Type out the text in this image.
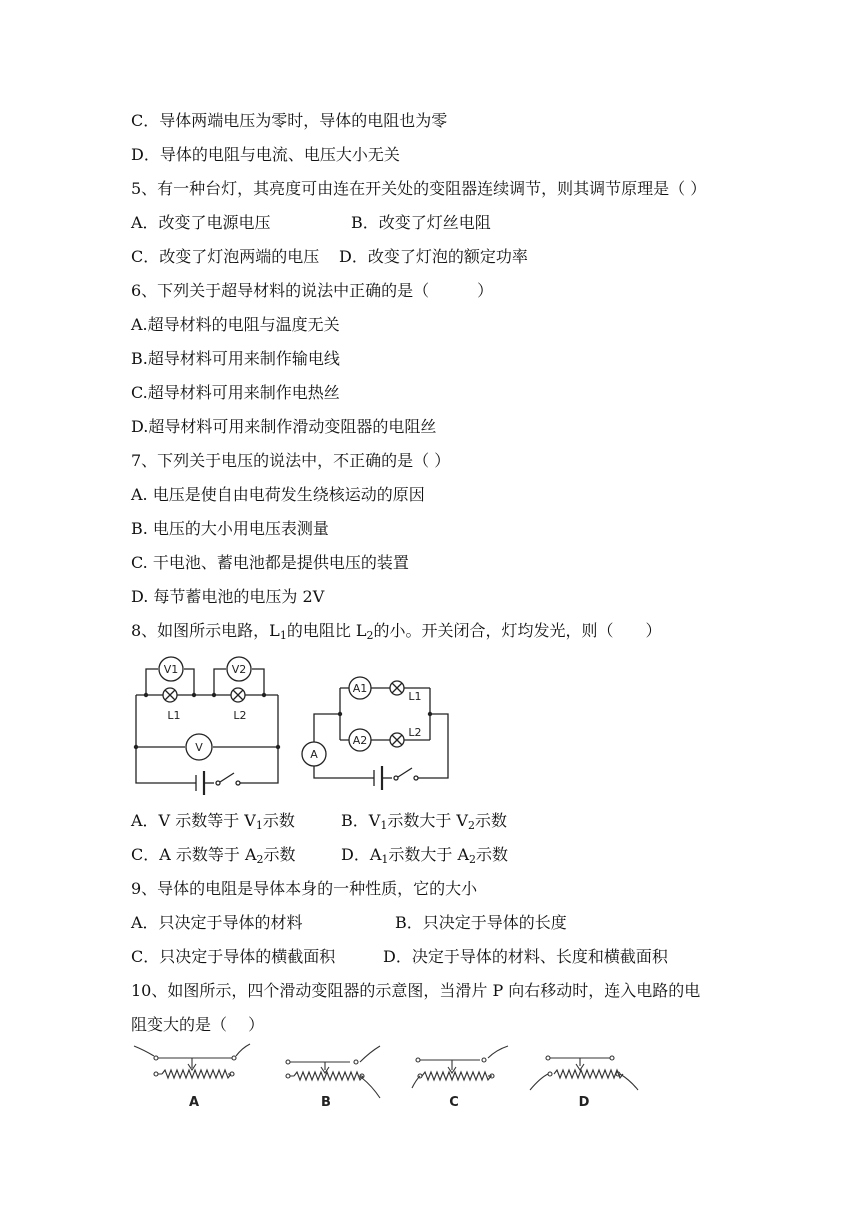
C．导体两端电压为零时，导体的电阻也为零
D．导体的电阻与电流、电压大小无关
5、有一种台灯，其亮度可由连在开关处的变阻器连续调节，则其调节原理是（ ）
A．改变了电源电压	B．改变了灯丝电阻
C．改变了灯泡两端的电压 D．改变了灯泡的额定功率
6、下列关于超导材料的说法中正确的是（　　　）
A.超导材料的电阻与温度无关
B.超导材料可用来制作输电线
C.超导材料可用来制作电热丝
D.超导材料可用来制作滑动变阻器的电阻丝
7、下列关于电压的说法中，不正确的是（ ）
A. 电压是使自由电荷发生绕核运动的原因
B. 电压的大小用电压表测量
C. 干电池、蓄电池都是提供电压的装置
D. 每节蓄电池的电压为 2V
8、如图所示电路，$L_1$的电阻比 $L_2$的小。开关闭合，灯均发光，则（　　）
V1	V2
V
L1	L2
A1
A2
A
L1
L2
A．V 示数等于 $V_1$示数	B．$V_1$示数大于 $V_2$示数
C．A 示数等于 $A_2$示数	D．$A_1$示数大于 $A_2$示数
9、导体的电阻是导体本身的一种性质，它的大小
A．只决定于导体的材料	B．只决定于导体的长度
C．只决定于导体的横截面积	D．决定于导体的材料、长度和横截面积
10、如图所示，四个滑动变阻器的示意图，当滑片 P 向右移动时，连入电路的电
阻变大的是（　 ）
A	B	C	D
